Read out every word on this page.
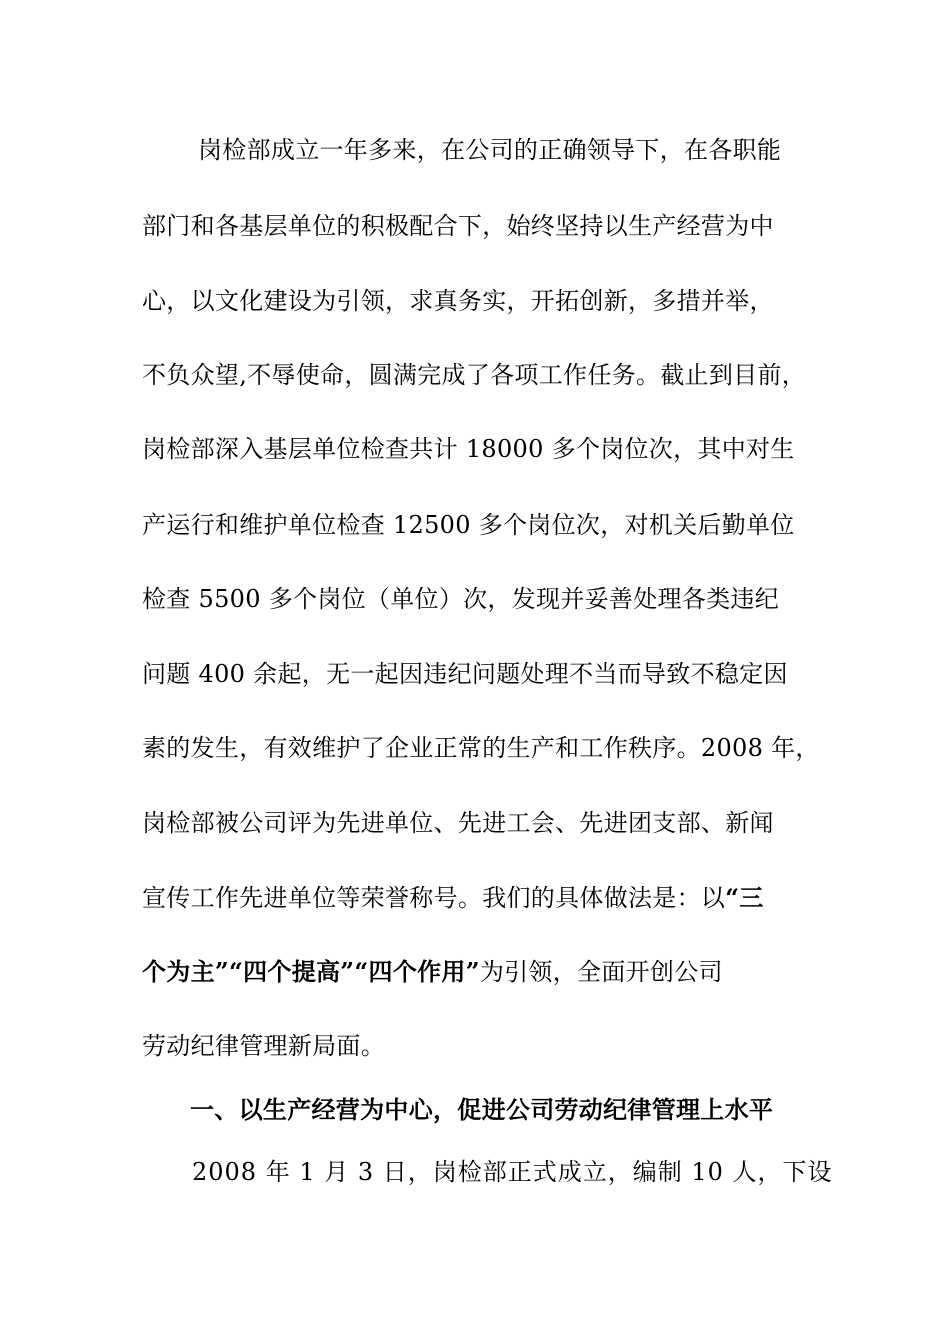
岗检部成立一年多来，在公司的正确领导下，在各职能
部门和各基层单位的积极配合下，始终坚持以生产经营为中
心，以文化建设为引领，求真务实，开拓创新，多措并举，
不负众望,不辱使命，圆满完成了各项工作任务。截止到目前，
岗检部深入基层单位检查共计 18000 多个岗位次，其中对生
产运行和维护单位检查 12500 多个岗位次，对机关后勤单位
检查 5500 多个岗位（单位）次，发现并妥善处理各类违纪
问题 400 余起，无一起因违纪问题处理不当而导致不稳定因
素的发生，有效维护了企业正常的生产和工作秩序。2008 年，
岗检部被公司评为先进单位、先进工会、先进团支部、新闻
宣传工作先进单位等荣誉称号。我们的具体做法是：以“三
个为主”“四个提高”“四个作用”为引领，全面开创公司
劳动纪律管理新局面。
一、以生产经营为中心，促进公司劳动纪律管理上水平
2008 年 1 月 3 日，岗检部正式成立，编制 10 人，下设
